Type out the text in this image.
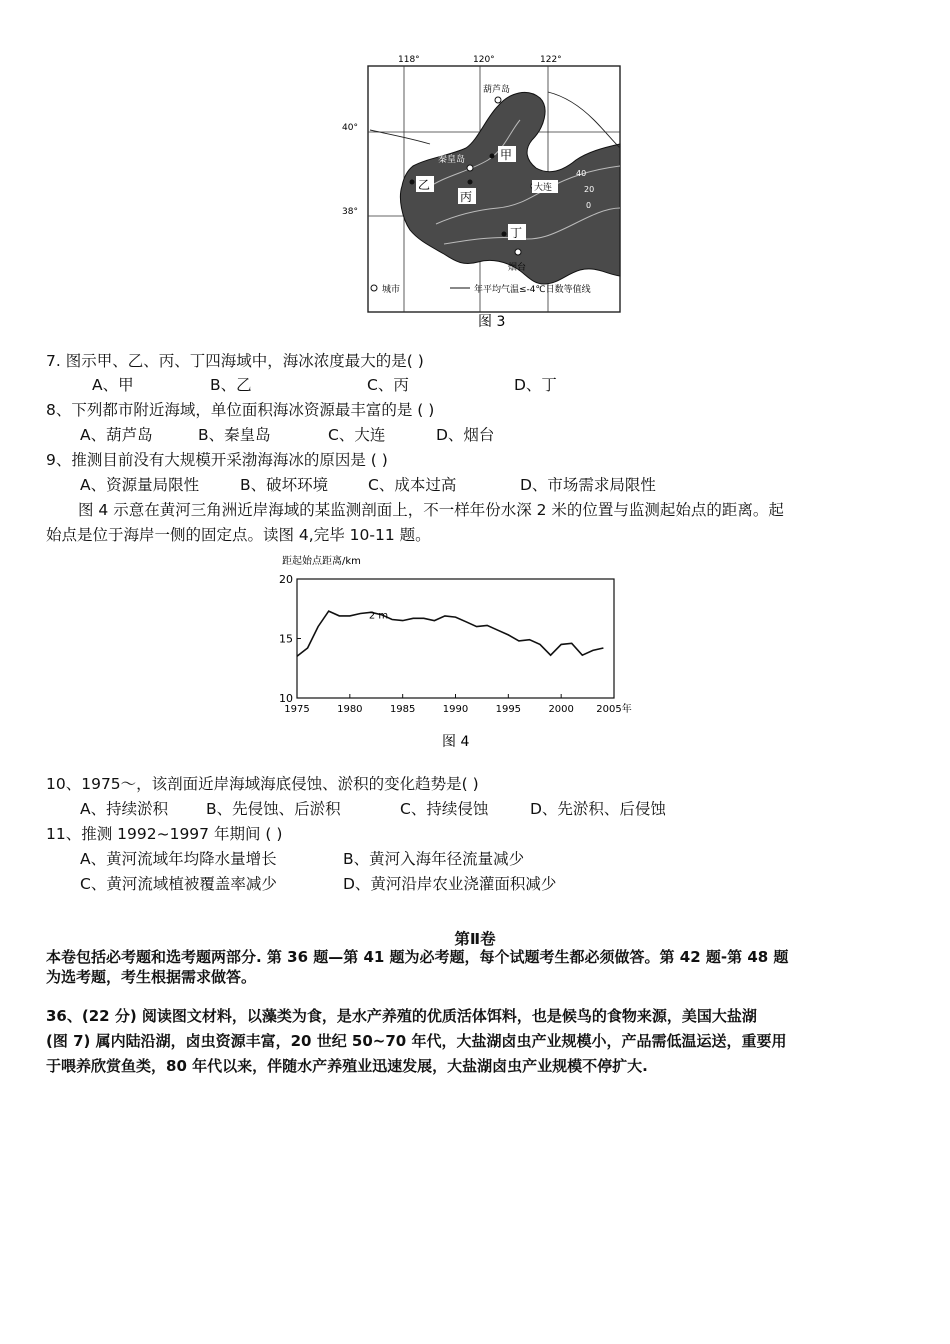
118°	120°	122°
40°
38°
葫芦岛
秦皇岛	甲
乙
丙
大连
丁
烟台
60
40
20
0
城市	年平均气温≤-4℃日数等值线
图 3
7. 图示甲、乙、丙、丁四海域中，海冰浓度最大的是( )
A、甲	B、乙	C、丙	D、丁
8、下列都市附近海域，单位面积海冰资源最丰富的是 ( )
A、葫芦岛	B、秦皇岛	C、大连	D、烟台
9、推测目前没有大规模开采渤海海冰的原因是 ( )
A、资源量局限性	B、破坏环境	C、成本过高	D、市场需求局限性
图 4 示意在黄河三角洲近岸海域的某监测剖面上，不一样年份水深 2 米的位置与监测起始点的距离。起
始点是位于海岸一侧的固定点。读图 4,完毕 10-11 题。
距起始点距离/km
20
15
10
1975	1980	1985	1990	1995	2000 2005年
2 m
图 4
10、1975～，该剖面近岸海域海底侵蚀、淤积的变化趋势是( )
A、持续淤积 B、先侵蚀、后淤积	C、持续侵蚀	D、先淤积、后侵蚀
11、推测 1992~1997 年期间 ( )
A、黄河流域年均降水量增长	B、黄河入海年径流量减少
C、黄河流域植被覆盖率减少	D、黄河沿岸农业浇灌面积减少
第Ⅱ卷
本卷包括必考题和选考题两部分. 第 36 题—第 41 题为必考题，每个试题考生都必须做答。第 42 题-第 48 题
为选考题，考生根据需求做答。
36、(22 分) 阅读图文材料，以藻类为食，是水产养殖的优质活体饵料，也是候鸟的食物来源，美国大盐湖
(图 7) 属内陆沿湖，卤虫资源丰富，20 世纪 50~70 年代，大盐湖卤虫产业规模小，产品需低温运送，重要用
于喂养欣赏鱼类，80 年代以来，伴随水产养殖业迅速发展，大盐湖卤虫产业规模不停扩大.
